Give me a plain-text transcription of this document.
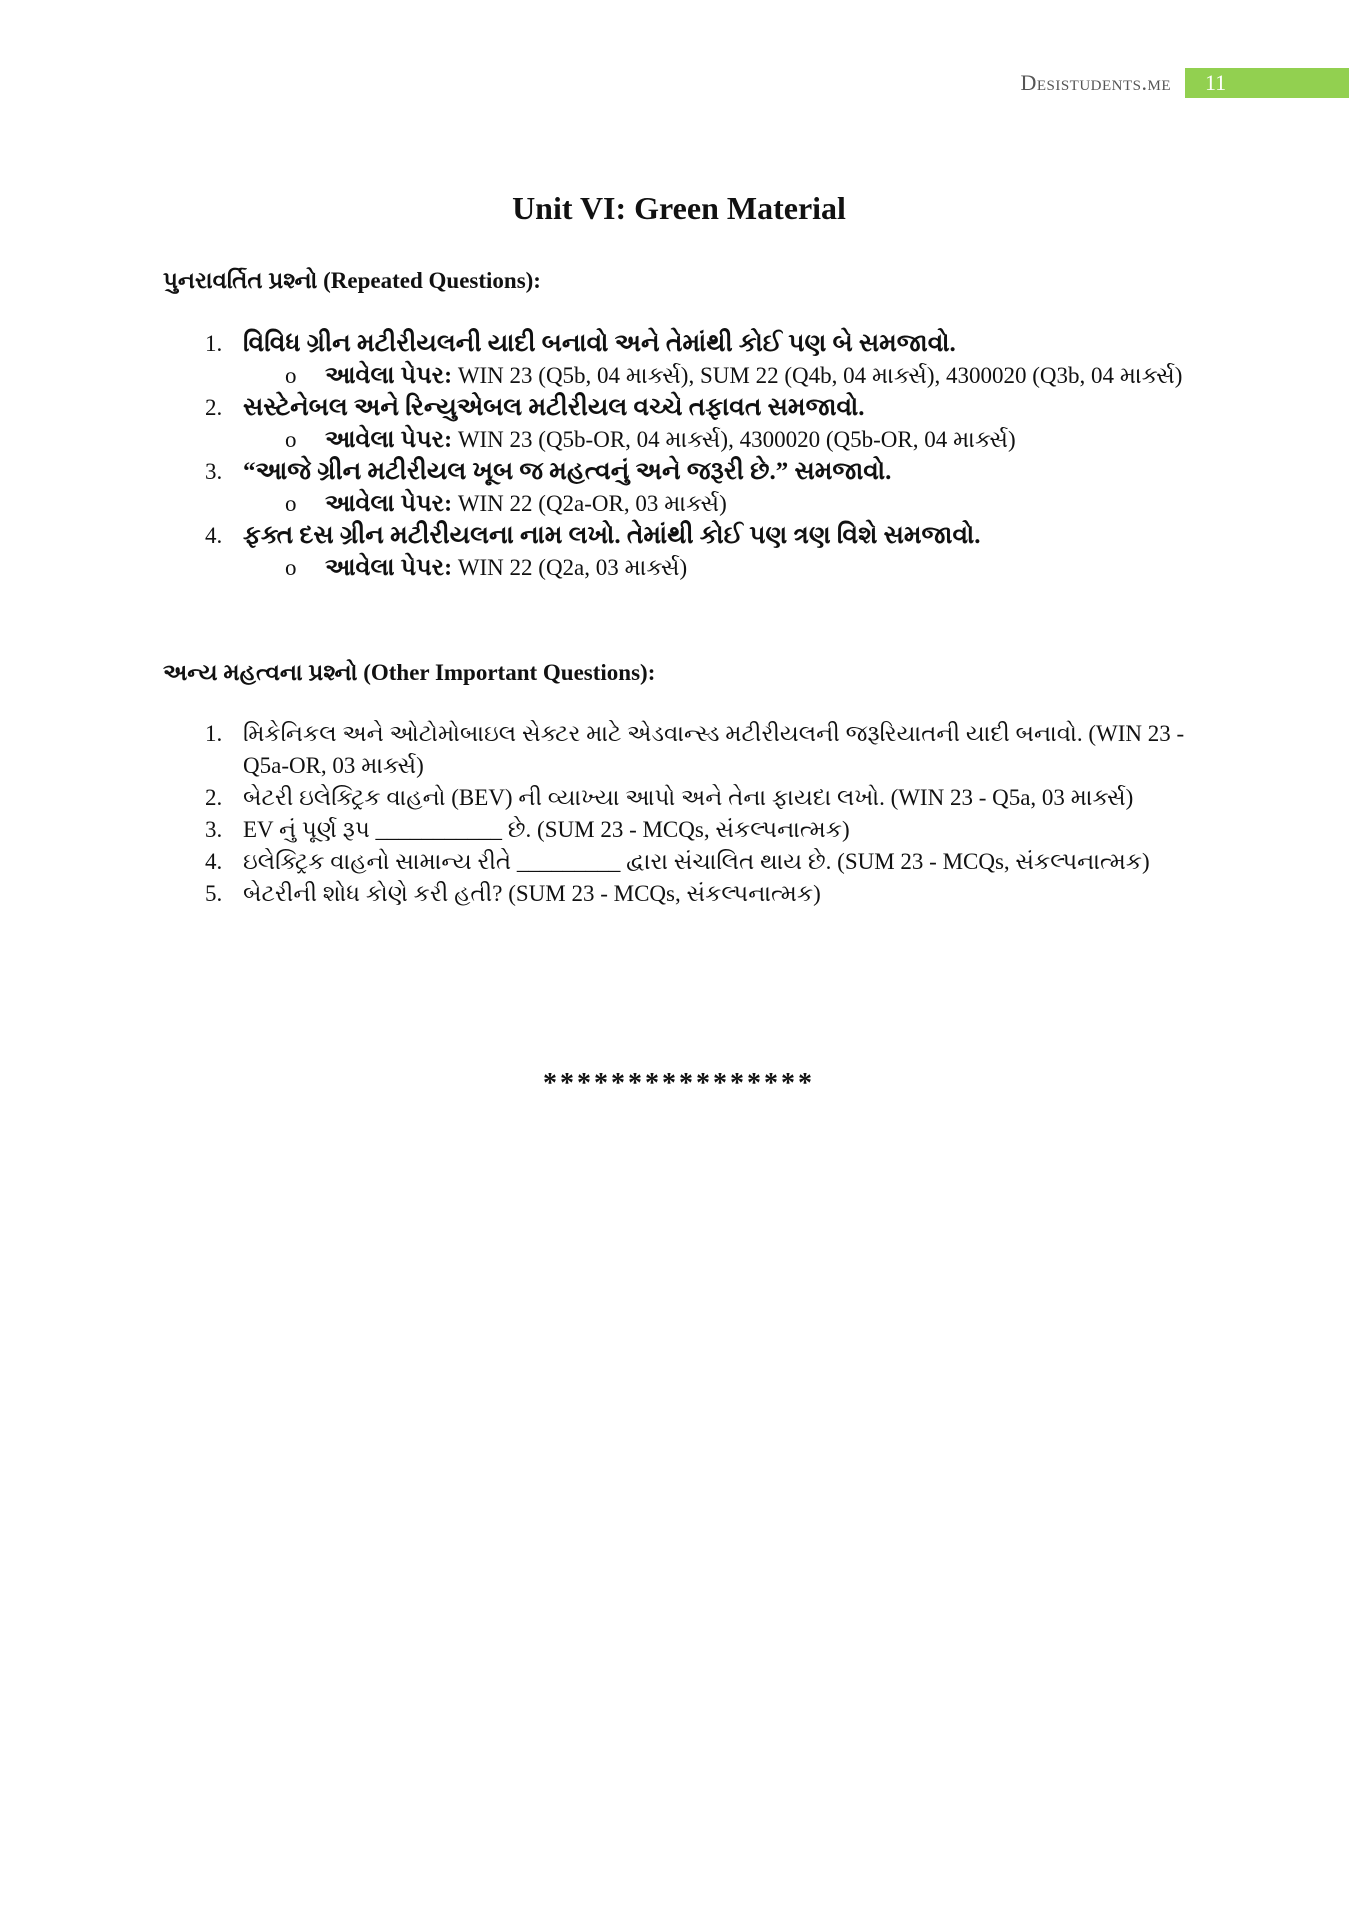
Desistudents.me	11
Unit VI: Green Material
પુનરાવર્તિત પ્રશ્નો (Repeated Questions):
1. વિવિધ ગ્રીન મટીરીયલની યાદી બનાવો અને તેમાંથી કોઈ પણ બે સમજાવો.
o આવેલા પેપર: WIN 23 (Q5b, 04 માર્ક્સ), SUM 22 (Q4b, 04 માર્ક્સ), 4300020 (Q3b, 04 માર્ક્સ)
2. સસ્ટેનેબલ અને રિન્યુએબલ મટીરીયલ વચ્ચે તફાવત સમજાવો.
o આવેલા પેપર: WIN 23 (Q5b-OR, 04 માર્ક્સ), 4300020 (Q5b-OR, 04 માર્ક્સ)
3. “આજે ગ્રીન મટીરીયલ ખૂબ જ મહત્વનું અને જરૂરી છે.” સમજાવો.
o આવેલા પેપર: WIN 22 (Q2a-OR, 03 માર્ક્સ)
4. ફક્ત દસ ગ્રીન મટીરીયલના નામ લખો. તેમાંથી કોઈ પણ ત્રણ વિશે સમજાવો.
o આવેલા પેપર: WIN 22 (Q2a, 03 માર્ક્સ)
અન્ય મહત્વના પ્રશ્નો (Other Important Questions):
1. મિકેનિકલ અને ઓટોમોબાઇલ સેક્ટર માટે એડવાન્સ્ડ મટીરીયલની જરૂરિયાતની યાદી બનાવો. (WIN 23 - Q5a-OR, 03 માર્ક્સ)
2. બેટરી ઇલેક્ટ્રિક વાહનો (BEV) ની વ્યાખ્યા આપો અને તેના ફાયદા લખો. (WIN 23 - Q5a, 03 માર્ક્સ)
3. EV નું પૂર્ણ રૂપ ___________ છે. (SUM 23 - MCQs, સંકલ્પનાત્મક)
4. ઇલેક્ટ્રિક વાહનો સામાન્ય રીતે _________ દ્વારા સંચાલિત થાય છે. (SUM 23 - MCQs, સંકલ્પનાત્મક)
5. બેટરીની શોધ કોણે કરી હતી? (SUM 23 - MCQs, સંકલ્પનાત્મક)
****************
